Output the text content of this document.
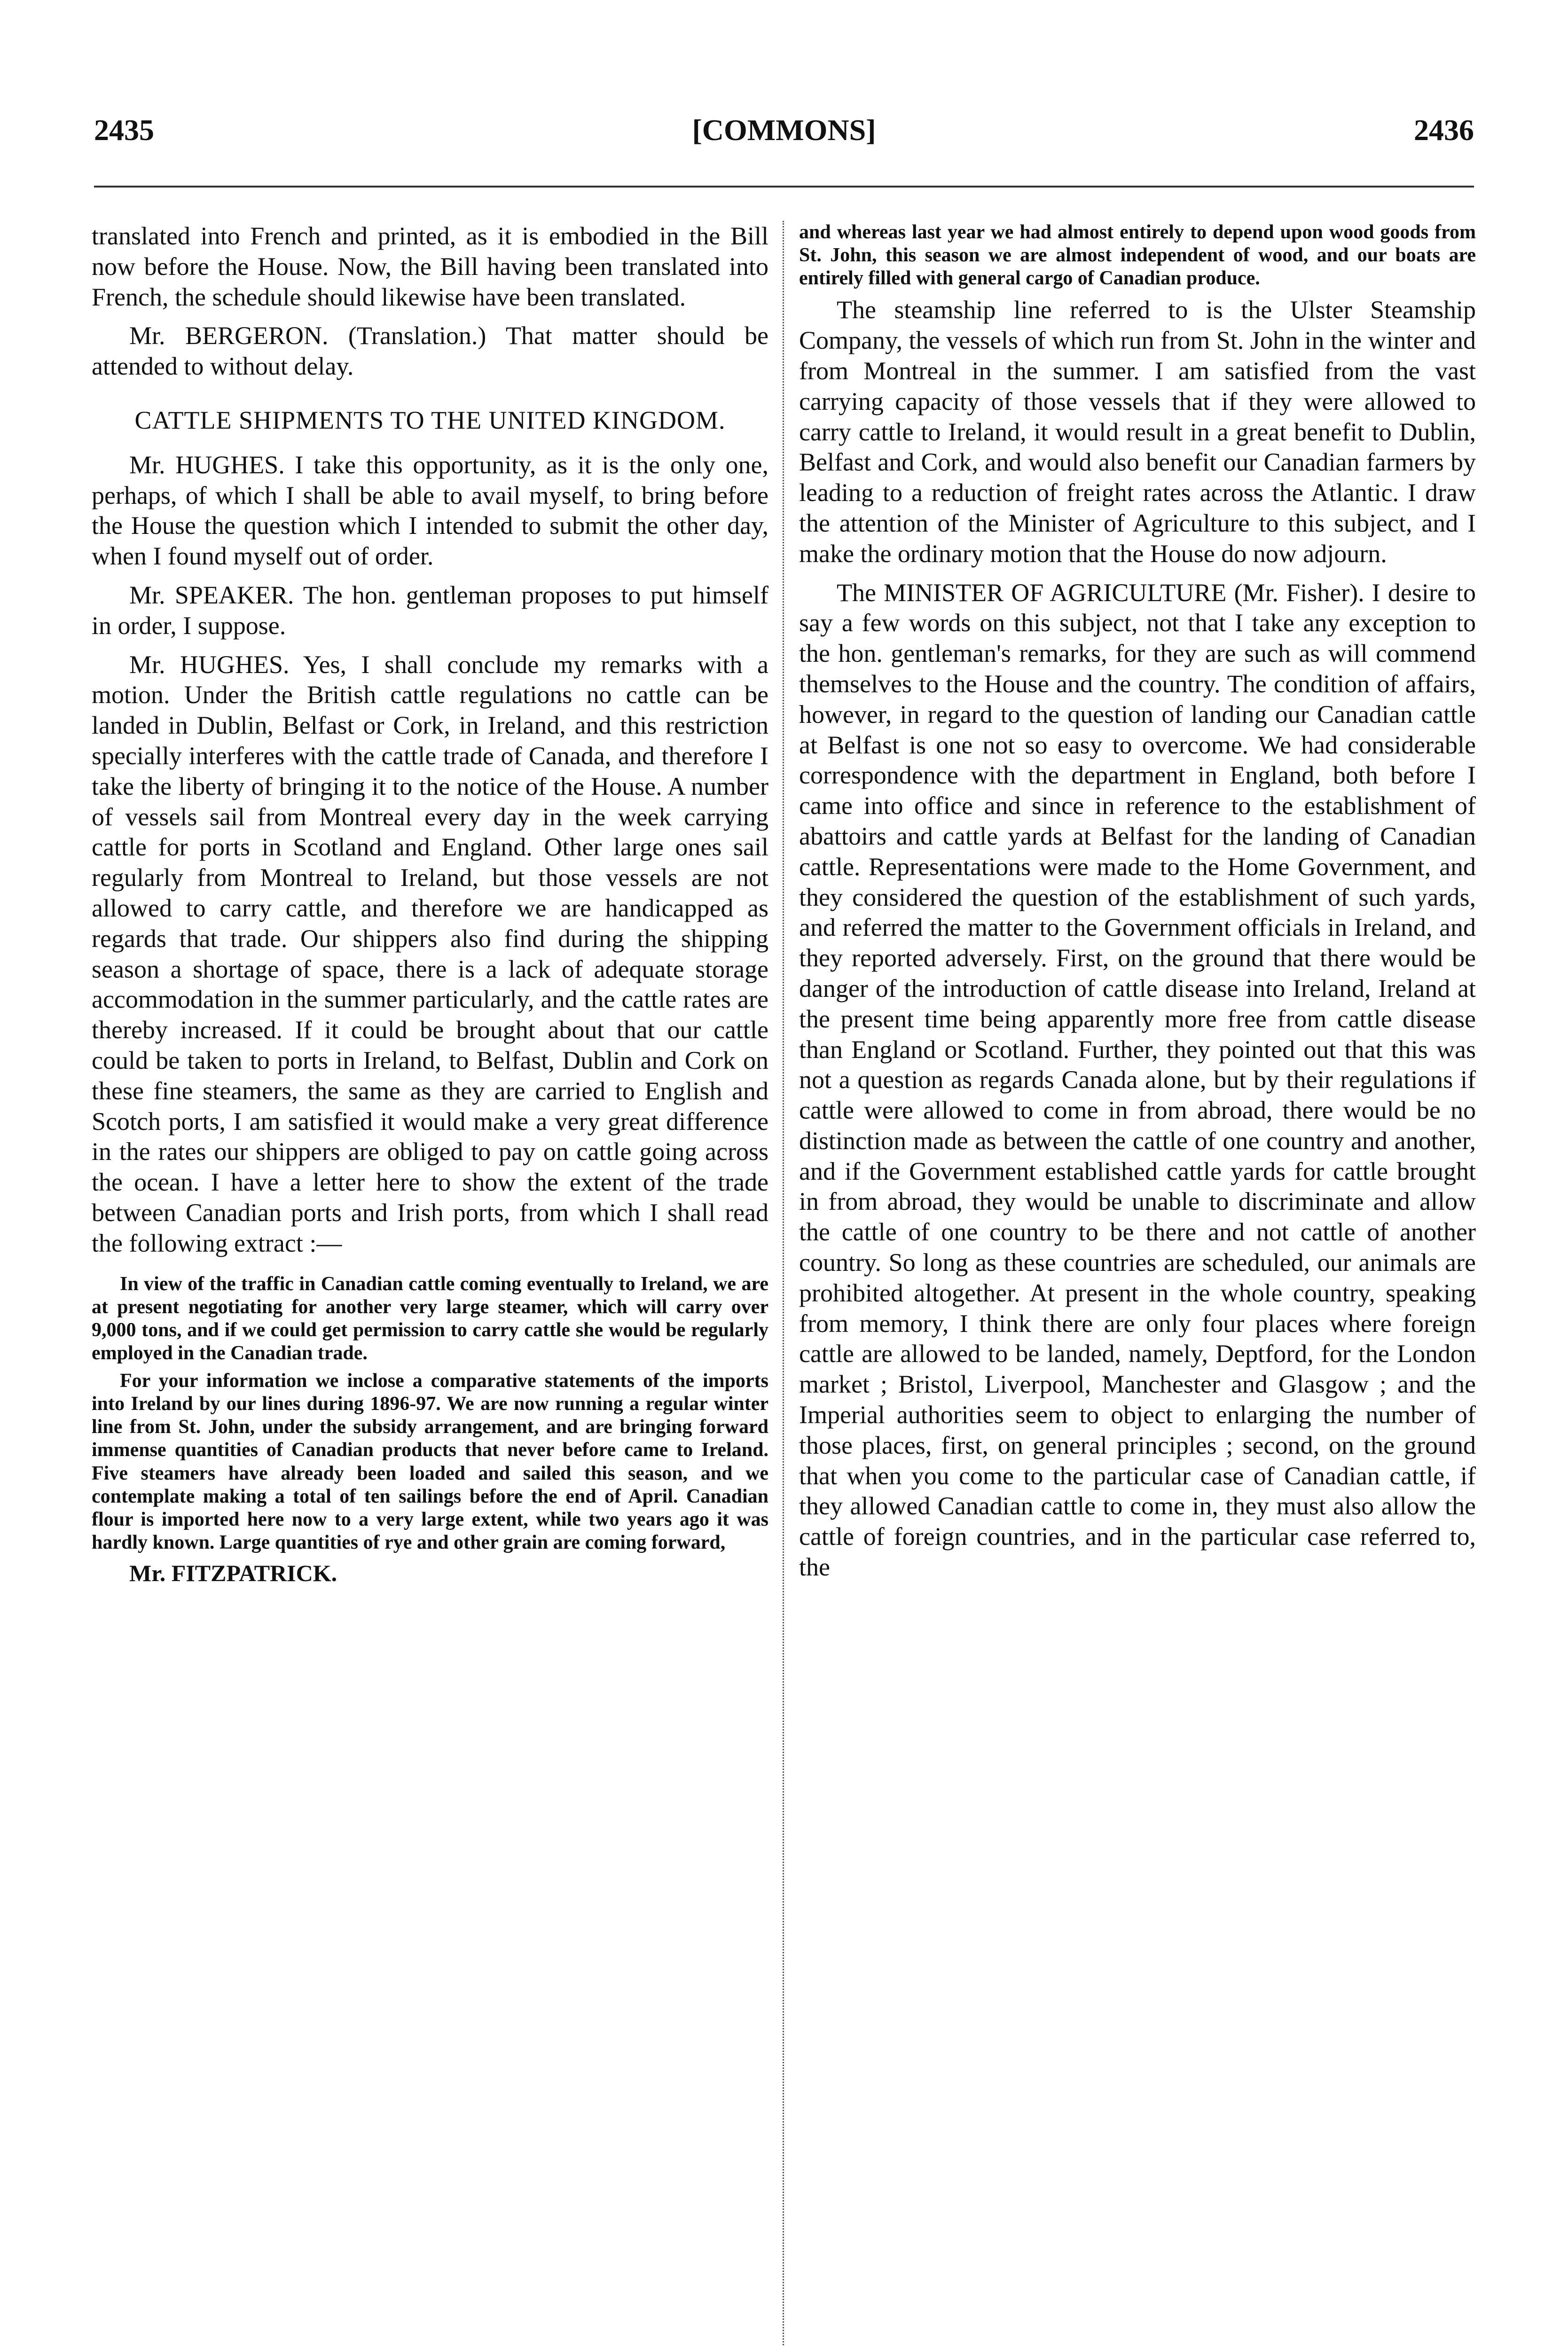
2435	[COMMONS]	2436

translated into French and printed, as it is embodied in the Bill now before the House. Now, the Bill having been translated into French, the schedule should likewise have been translated.

Mr. BERGERON. (Translation.) That matter should be attended to without delay.

CATTLE SHIPMENTS TO THE UNITED KINGDOM.

Mr. HUGHES. I take this opportunity, as it is the only one, perhaps, of which I shall be able to avail myself, to bring before the House the question which I intended to submit the other day, when I found myself out of order.

Mr. SPEAKER. The hon. gentleman proposes to put himself in order, I suppose.

Mr. HUGHES. Yes, I shall conclude my remarks with a motion. Under the British cattle regulations no cattle can be landed in Dublin, Belfast or Cork, in Ireland, and this restriction specially interferes with the cattle trade of Canada, and therefore I take the liberty of bringing it to the notice of the House. A number of vessels sail from Montreal every day in the week carrying cattle for ports in Scotland and England. Other large ones sail regularly from Montreal to Ireland, but those vessels are not allowed to carry cattle, and therefore we are handicapped as regards that trade. Our shippers also find during the shipping season a shortage of space, there is a lack of adequate storage accommodation in the summer particularly, and the cattle rates are thereby increased. If it could be brought about that our cattle could be taken to ports in Ireland, to Belfast, Dublin and Cork on these fine steamers, the same as they are carried to English and Scotch ports, I am satisfied it would make a very great difference in the rates our shippers are obliged to pay on cattle going across the ocean. I have a letter here to show the extent of the trade between Canadian ports and Irish ports, from which I shall read the following extract :—

In view of the traffic in Canadian cattle coming eventually to Ireland, we are at present negotiating for another very large steamer, which will carry over 9,000 tons, and if we could get permission to carry cattle she would be regularly employed in the Canadian trade.

For your information we inclose a comparative statements of the imports into Ireland by our lines during 1896-97. We are now running a regular winter line from St. John, under the subsidy arrangement, and are bringing forward immense quantities of Canadian products that never before came to Ireland. Five steamers have already been loaded and sailed this season, and we contemplate making a total of ten sailings before the end of April. Canadian flour is imported here now to a very large extent, while two years ago it was hardly known. Large quantities of rye and other grain are coming forward,

Mr. FITZPATRICK.

and whereas last year we had almost entirely to depend upon wood goods from St. John, this season we are almost independent of wood, and our boats are entirely filled with general cargo of Canadian produce.

The steamship line referred to is the Ulster Steamship Company, the vessels of which run from St. John in the winter and from Montreal in the summer. I am satisfied from the vast carrying capacity of those vessels that if they were allowed to carry cattle to Ireland, it would result in a great benefit to Dublin, Belfast and Cork, and would also benefit our Canadian farmers by leading to a reduction of freight rates across the Atlantic. I draw the attention of the Minister of Agriculture to this subject, and I make the ordinary motion that the House do now adjourn.

The MINISTER OF AGRICULTURE (Mr. Fisher). I desire to say a few words on this subject, not that I take any exception to the hon. gentleman's remarks, for they are such as will commend themselves to the House and the country. The condition of affairs, however, in regard to the question of landing our Canadian cattle at Belfast is one not so easy to overcome. We had considerable correspondence with the department in England, both before I came into office and since in reference to the establishment of abattoirs and cattle yards at Belfast for the landing of Canadian cattle. Representations were made to the Home Government, and they considered the question of the establishment of such yards, and referred the matter to the Government officials in Ireland, and they reported adversely. First, on the ground that there would be danger of the introduction of cattle disease into Ireland, Ireland at the present time being apparently more free from cattle disease than England or Scotland. Further, they pointed out that this was not a question as regards Canada alone, but by their regulations if cattle were allowed to come in from abroad, there would be no distinction made as between the cattle of one country and another, and if the Government established cattle yards for cattle brought in from abroad, they would be unable to discriminate and allow the cattle of one country to be there and not cattle of another country. So long as these countries are scheduled, our animals are prohibited altogether. At present in the whole country, speaking from memory, I think there are only four places where foreign cattle are allowed to be landed, namely, Deptford, for the London market ; Bristol, Liverpool, Manchester and Glasgow ; and the Imperial authorities seem to object to enlarging the number of those places, first, on general principles ; second, on the ground that when you come to the particular case of Canadian cattle, if they allowed Canadian cattle to come in, they must also allow the cattle of foreign countries, and in the particular case referred to, the
